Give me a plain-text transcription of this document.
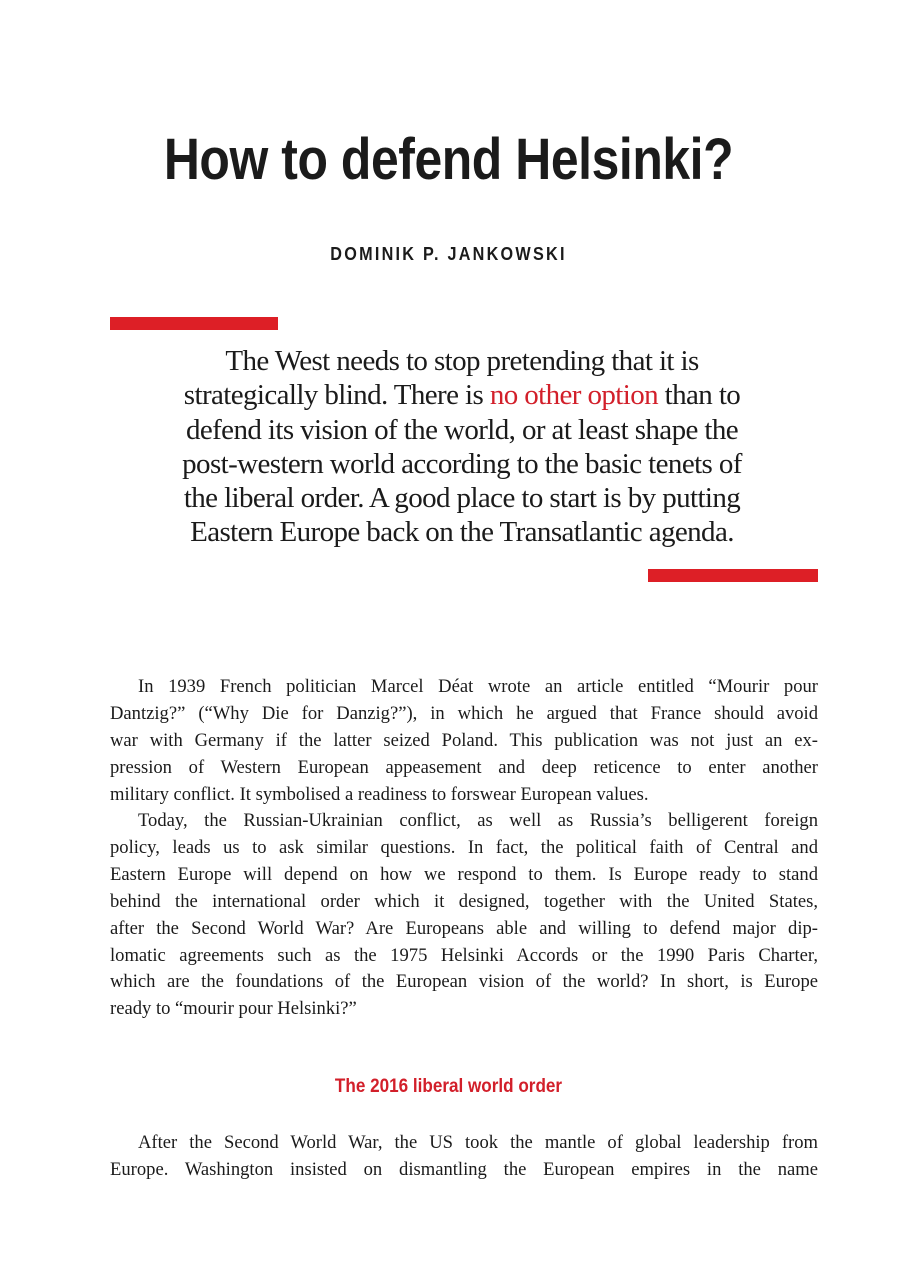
How to defend Helsinki?
DOMINIK P. JANKOWSKI
The West needs to stop pretending that it is
strategically blind. There is no other option than to
defend its vision of the world, or at least shape the
post-western world according to the basic tenets of
the liberal order. A good place to start is by putting
Eastern Europe back on the Transatlantic agenda.
In 1939 French politician Marcel Déat wrote an article entitled “Mourir pour
Dantzig?” (“Why Die for Danzig?”), in which he argued that France should avoid
war with Germany if the latter seized Poland. This publication was not just an ex-
pression of Western European appeasement and deep reticence to enter another
military conflict. It symbolised a readiness to forswear European values.
Today, the Russian-Ukrainian conflict, as well as Russia’s belligerent foreign
policy, leads us to ask similar questions. In fact, the political faith of Central and
Eastern Europe will depend on how we respond to them. Is Europe ready to stand
behind the international order which it designed, together with the United States,
after the Second World War? Are Europeans able and willing to defend major dip-
lomatic agreements such as the 1975 Helsinki Accords or the 1990 Paris Charter,
which are the foundations of the European vision of the world? In short, is Europe
ready to “mourir pour Helsinki?”
The 2016 liberal world order
After the Second World War, the US took the mantle of global leadership from
Europe. Washington insisted on dismantling the European empires in the name
